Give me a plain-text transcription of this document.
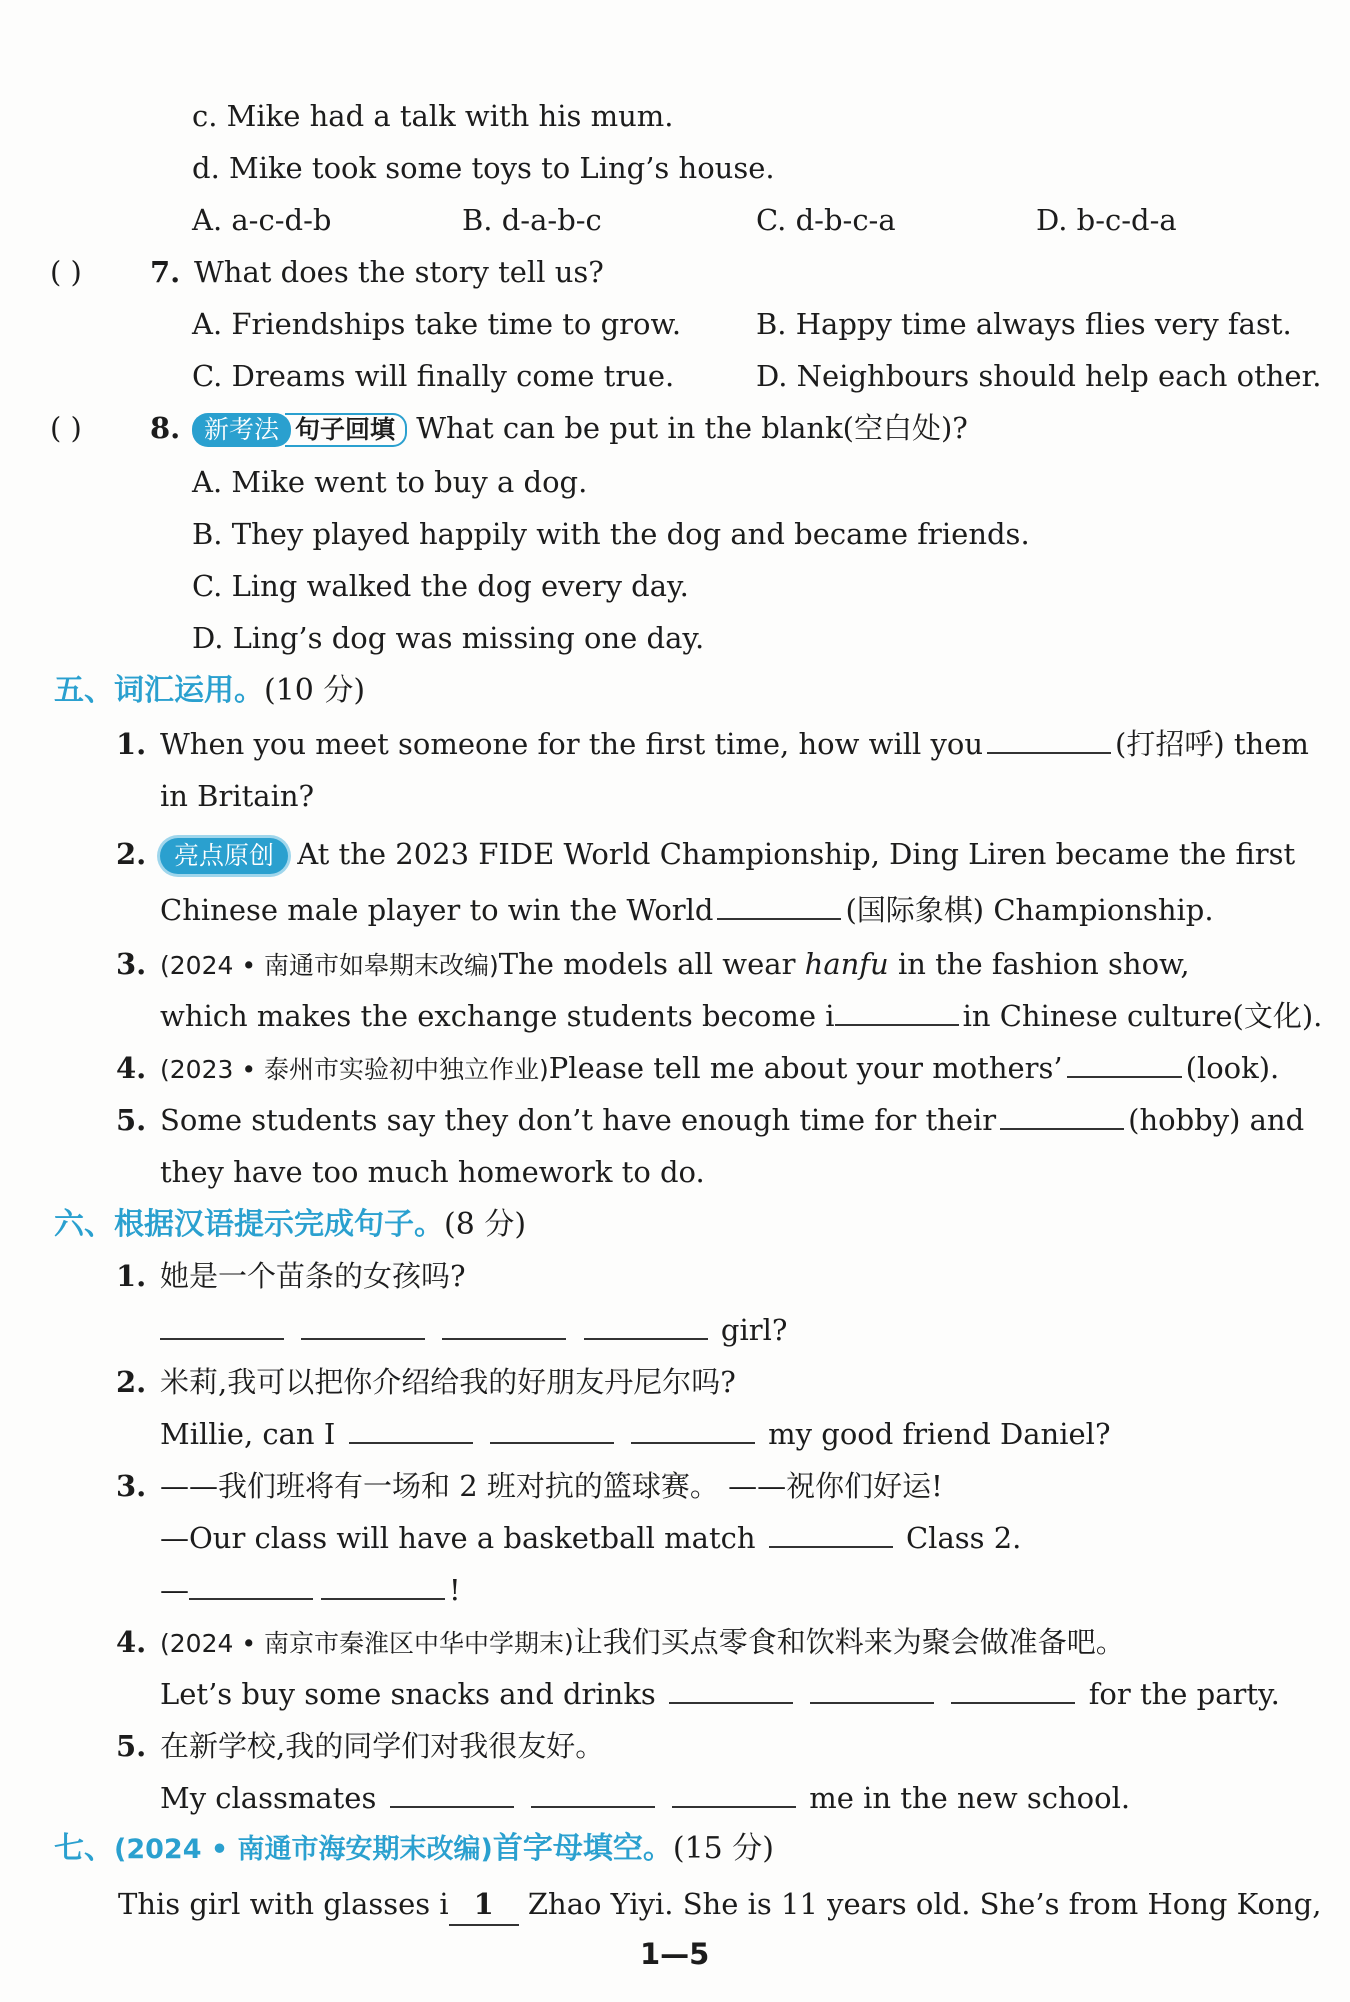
c. Mike had a talk with his mum.
d. Mike took some toys to Ling’s house.
A. a-c-d-b	B. d-a-b-c	C. d-b-c-a	D. b-c-d-a
( ) 7. What does the story tell us?
A. Friendships take time to grow.	B. Happy time always flies very fast.
C. Dreams will finally come true.	D. Neighbours should help each other.
( ) 8. 新考法 句子回填 What can be put in the blank(空白处)?
A. Mike went to buy a dog.
B. They played happily with the dog and became friends.
C. Ling walked the dog every day.
D. Ling’s dog was missing one day.
五、词汇运用。(10 分)
1. When you meet someone for the first time, how will you	(打招呼) them
in Britain?
2.	亮点原创 At the 2023 FIDE World Championship, Ding Liren became the first
Chinese male player to win the World	(国际象棋) Championship.
3. (2024 • 南通市如皋期末改编)The models all wear hanfu in the fashion show,
which makes the exchange students become i	in Chinese culture(文化).
4. (2023 • 泰州市实验初中独立作业)Please tell me about your mothers’	(look).
5. Some students say they don’t have enough time for their	(hobby) and
they have too much homework to do.
六、根据汉语提示完成句子。(8 分)
1. 她是一个苗条的女孩吗?
girl?
2. 米莉,我可以把你介绍给我的好朋友丹尼尔吗?
Millie, can I	my good friend Daniel?
3. ——我们班将有一场和 2 班对抗的篮球赛。 ——祝你们好运!
—Our class will have a basketball match	Class 2.
—	!
4. (2024 • 南京市秦淮区中华中学期末)让我们买点零食和饮料来为聚会做准备吧。
Let’s buy some snacks and drinks	for the party.
5. 在新学校,我的同学们对我很友好。
My classmates	me in the new school.
七、(2024 • 南通市海安期末改编)首字母填空。(15 分)
This girl with glasses i 1 Zhao Yiyi. She is 11 years old. She’s from Hong Kong,
1—5
